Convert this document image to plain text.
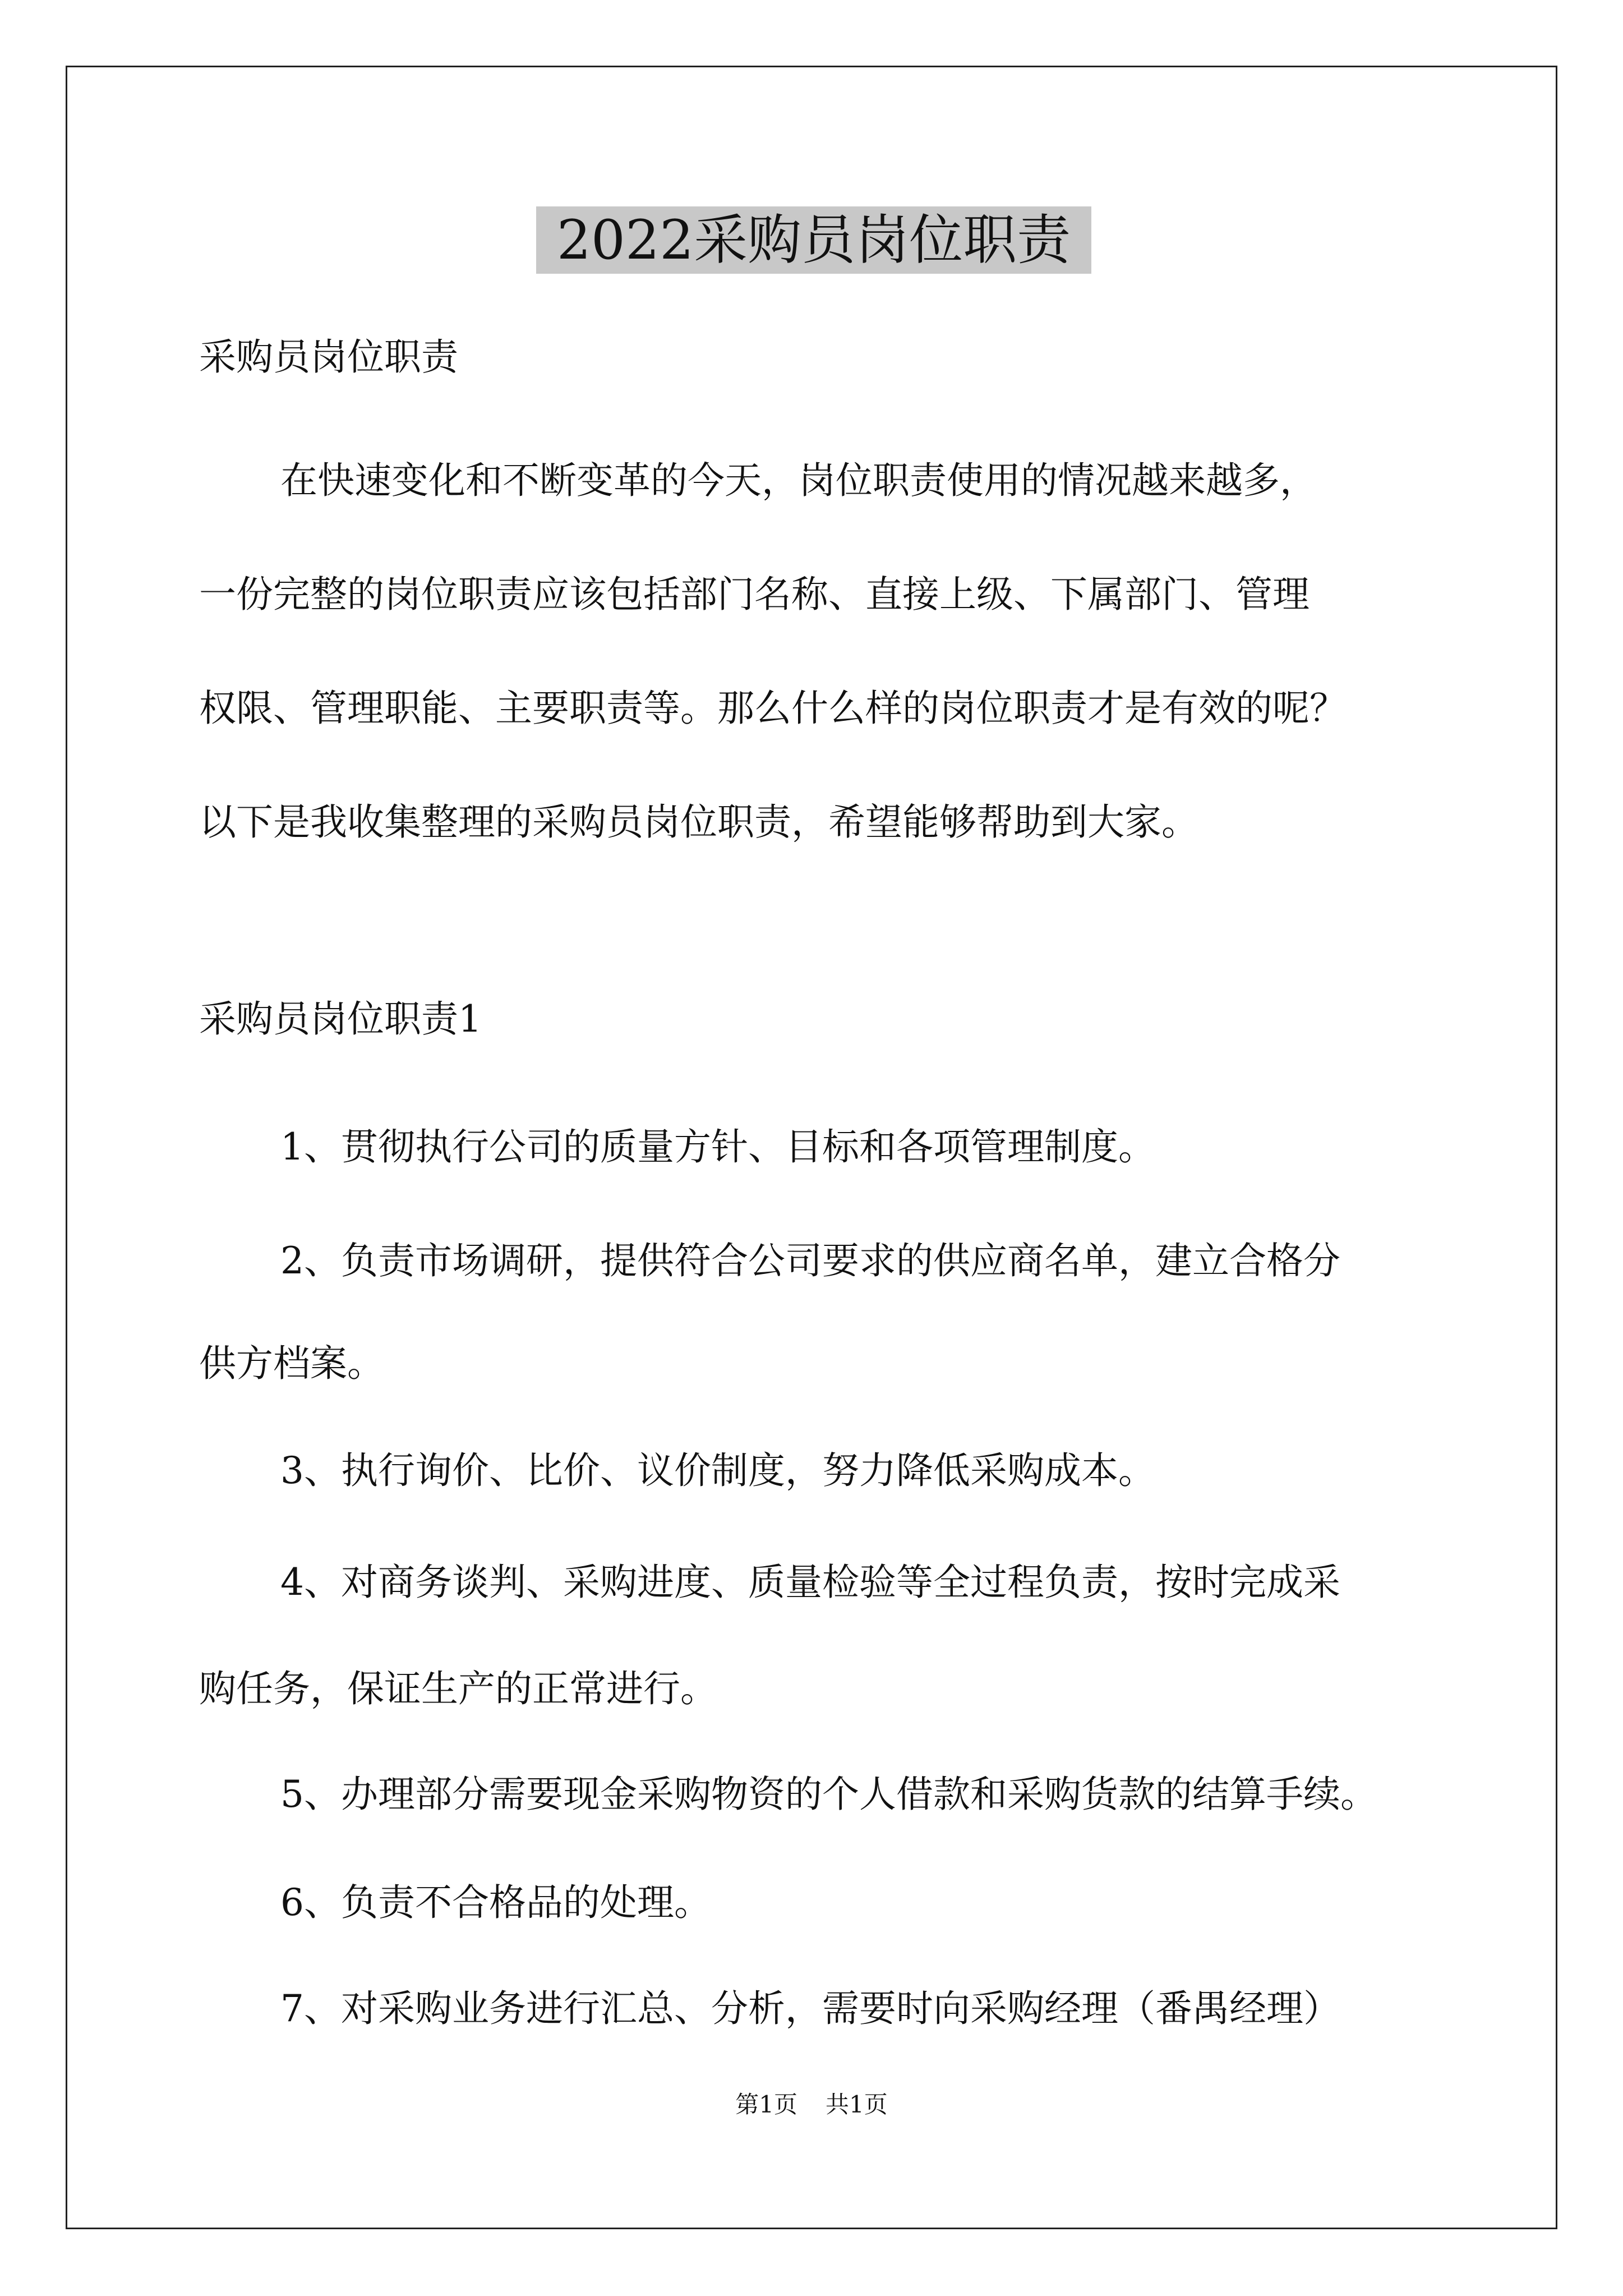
2022采购员岗位职责
采购员岗位职责
在快速变化和不断变革的今天，岗位职责使用的情况越来越多，
一份完整的岗位职责应该包括部门名称、直接上级、下属部门、管理
权限、管理职能、主要职责等。那么什么样的岗位职责才是有效的呢？
以下是我收集整理的采购员岗位职责，希望能够帮助到大家。
采购员岗位职责1
1、贯彻执行公司的质量方针、目标和各项管理制度。
2、负责市场调研，提供符合公司要求的供应商名单，建立合格分
供方档案。
3、执行询价、比价、议价制度，努力降低采购成本。
4、对商务谈判、采购进度、质量检验等全过程负责，按时完成采
购任务，保证生产的正常进行。
5、办理部分需要现金采购物资的个人借款和采购货款的结算手续。
6、负责不合格品的处理。
7、对采购业务进行汇总、分析，需要时向采购经理（番禺经理）
第1页 共1页
